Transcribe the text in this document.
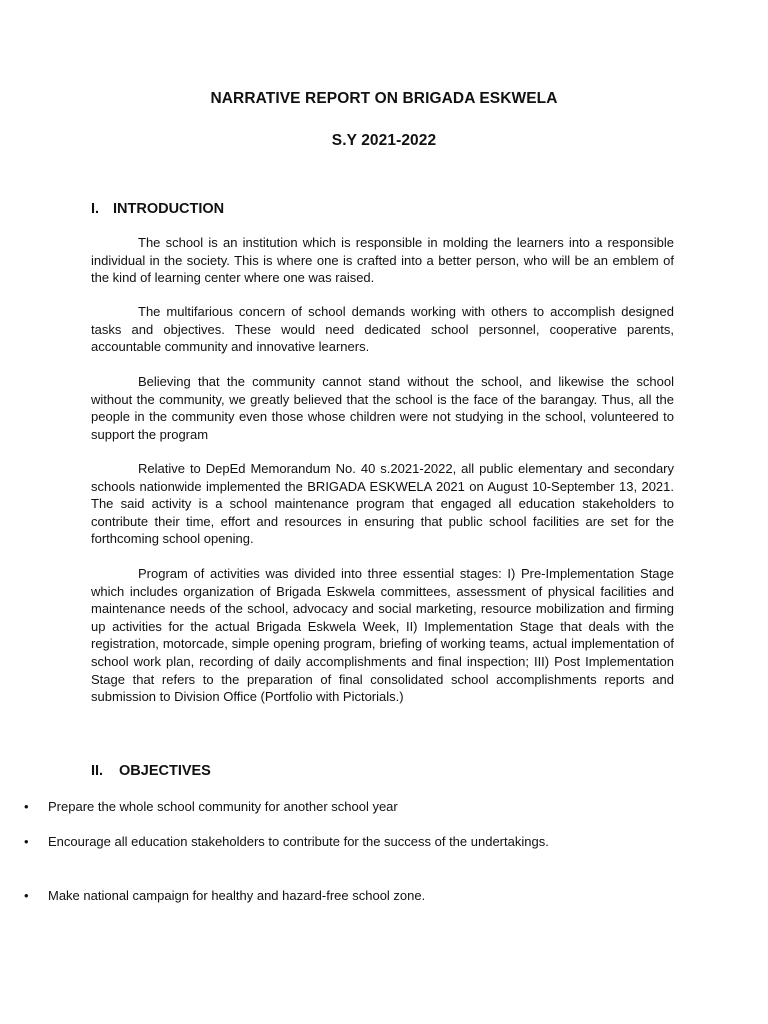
NARRATIVE REPORT ON BRIGADA ESKWELA
S.Y 2021-2022
I. INTRODUCTION

The school is an institution which is responsible in molding the learners into a responsible individual in the society. This is where one is crafted into a better person, who will be an emblem of the kind of learning center where one was raised.

The multifarious concern of school demands working with others to accomplish designed tasks and objectives. These would need dedicated school personnel, cooperative parents, accountable community and innovative learners.

Believing that the community cannot stand without the school, and likewise the school without the community, we greatly believed that the school is the face of the barangay. Thus, all the people in the community even those whose children were not studying in the school, volunteered to support the program

Relative to DepEd Memorandum No. 40 s.2021-2022, all public elementary and secondary schools nationwide implemented the BRIGADA ESKWELA 2021 on August 10-September 13, 2021. The said activity is a school maintenance program that engaged all education stakeholders to contribute their time, effort and resources in ensuring that public school facilities are set for the forthcoming school opening.

Program of activities was divided into three essential stages: I) Pre-Implementation Stage which includes organization of Brigada Eskwela committees, assessment of physical facilities and maintenance needs of the school, advocacy and social marketing, resource mobilization and firming up activities for the actual Brigada Eskwela Week, II) Implementation Stage that deals with the registration, motorcade, simple opening program, briefing of working teams, actual implementation of school work plan, recording of daily accomplishments and final inspection; III) Post Implementation Stage that refers to the preparation of final consolidated school accomplishments reports and submission to Division Office (Portfolio with Pictorials.)

II. OBJECTIVES
• Prepare the whole school community for another school year
• Encourage all education stakeholders to contribute for the success of the undertakings.
• Make national campaign for healthy and hazard-free school zone.
